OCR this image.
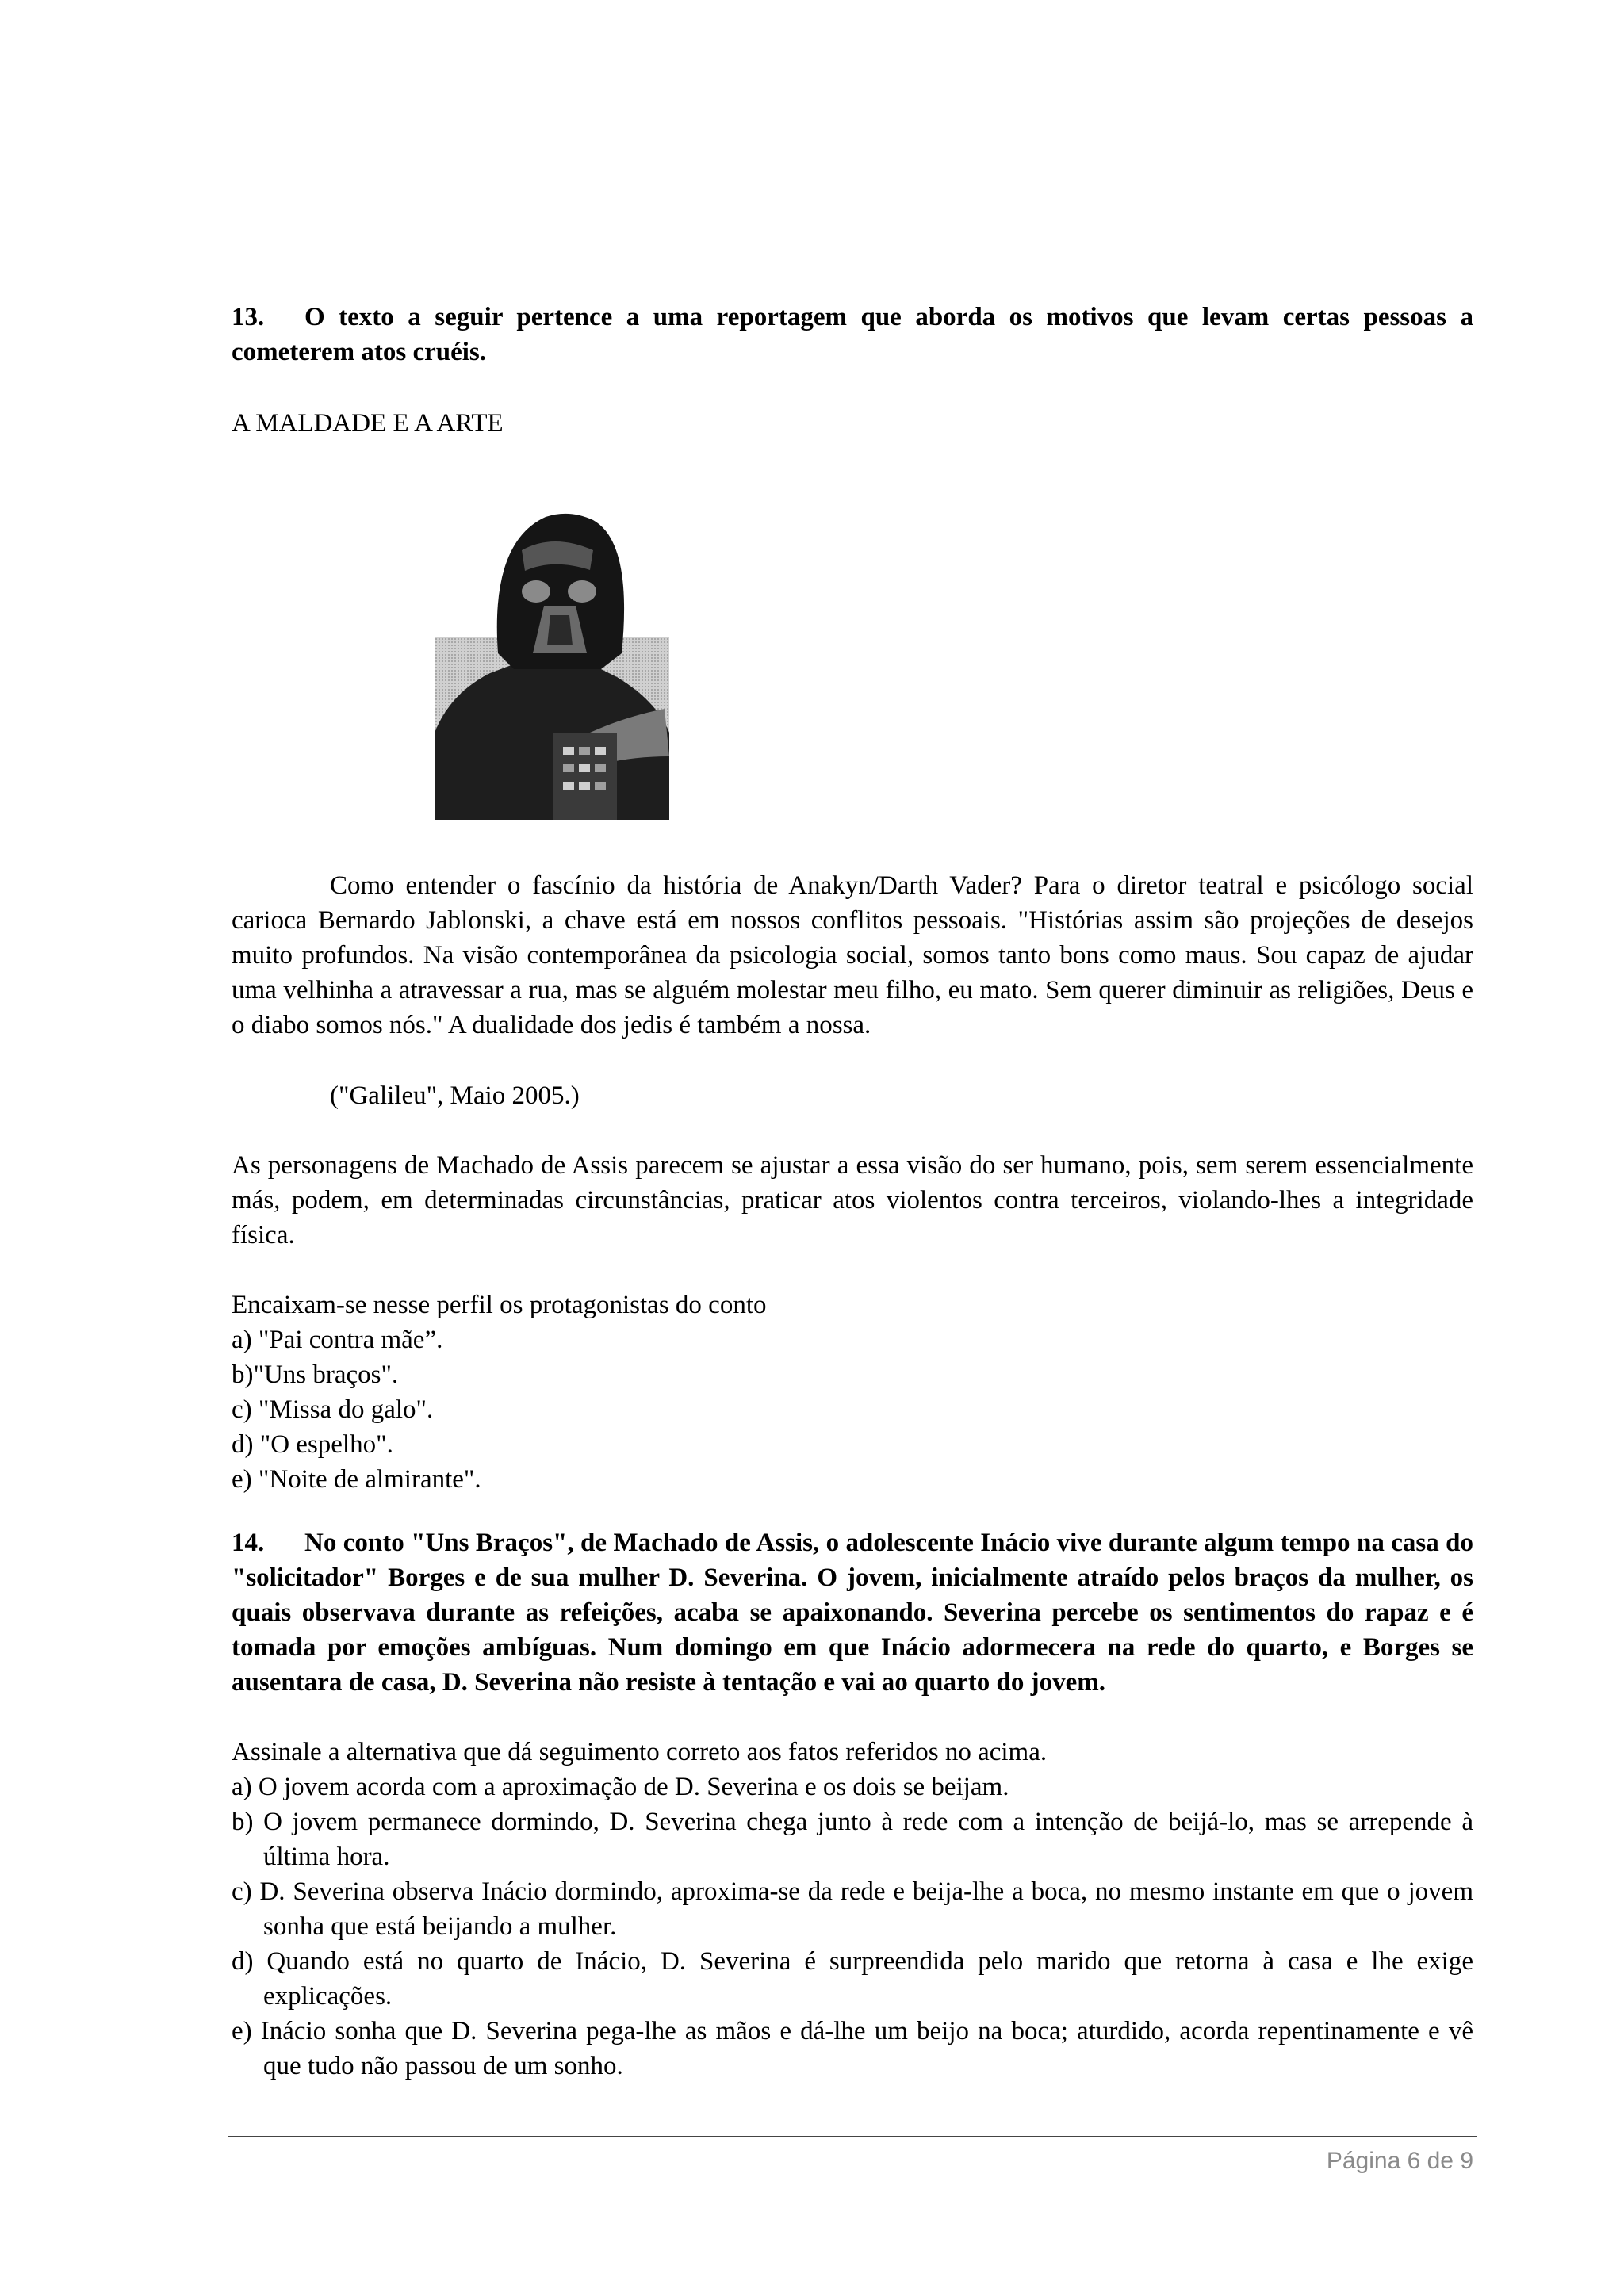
13. O texto a seguir pertence a uma reportagem que aborda os motivos que levam certas pessoas a cometerem atos cruéis.

A MALDADE E A ARTE

Como entender o fascínio da história de Anakyn/Darth Vader? Para o diretor teatral e psicólogo social carioca Bernardo Jablonski, a chave está em nossos conflitos pessoais. "Histórias assim são projeções de desejos muito profundos. Na visão contemporânea da psicologia social, somos tanto bons como maus. Sou capaz de ajudar uma velhinha a atravessar a rua, mas se alguém molestar meu filho, eu mato. Sem querer diminuir as religiões, Deus e o diabo somos nós." A dualidade dos jedis é também a nossa.

("Galileu", Maio 2005.)

As personagens de Machado de Assis parecem se ajustar a essa visão do ser humano, pois, sem serem essencialmente más, podem, em determinadas circunstâncias, praticar atos violentos contra terceiros, violando-lhes a integridade física.

Encaixam-se nesse perfil os protagonistas do conto
a) "Pai contra mãe”.
b)"Uns braços".
c) "Missa do galo".
d) "O espelho".
e) "Noite de almirante".

14. No conto "Uns Braços", de Machado de Assis, o adolescente Inácio vive durante algum tempo na casa do "solicitador" Borges e de sua mulher D. Severina. O jovem, inicialmente atraído pelos braços da mulher, os quais observava durante as refeições, acaba se apaixonando. Severina percebe os sentimentos do rapaz e é tomada por emoções ambíguas. Num domingo em que Inácio adormecera na rede do quarto, e Borges se ausentara de casa, D. Severina não resiste à tentação e vai ao quarto do jovem.

Assinale a alternativa que dá seguimento correto aos fatos referidos no acima.

a) O jovem acorda com a aproximação de D. Severina e os dois se beijam.
b) O jovem permanece dormindo, D. Severina chega junto à rede com a intenção de beijá-lo, mas se arrepende à última hora.
c) D. Severina observa Inácio dormindo, aproxima-se da rede e beija-lhe a boca, no mesmo instante em que o jovem sonha que está beijando a mulher.
d) Quando está no quarto de Inácio, D. Severina é surpreendida pelo marido que retorna à casa e lhe exige explicações.
e) Inácio sonha que D. Severina pega-lhe as mãos e dá-lhe um beijo na boca; aturdido, acorda repentinamente e vê que tudo não passou de um sonho.
Página 6 de 9
